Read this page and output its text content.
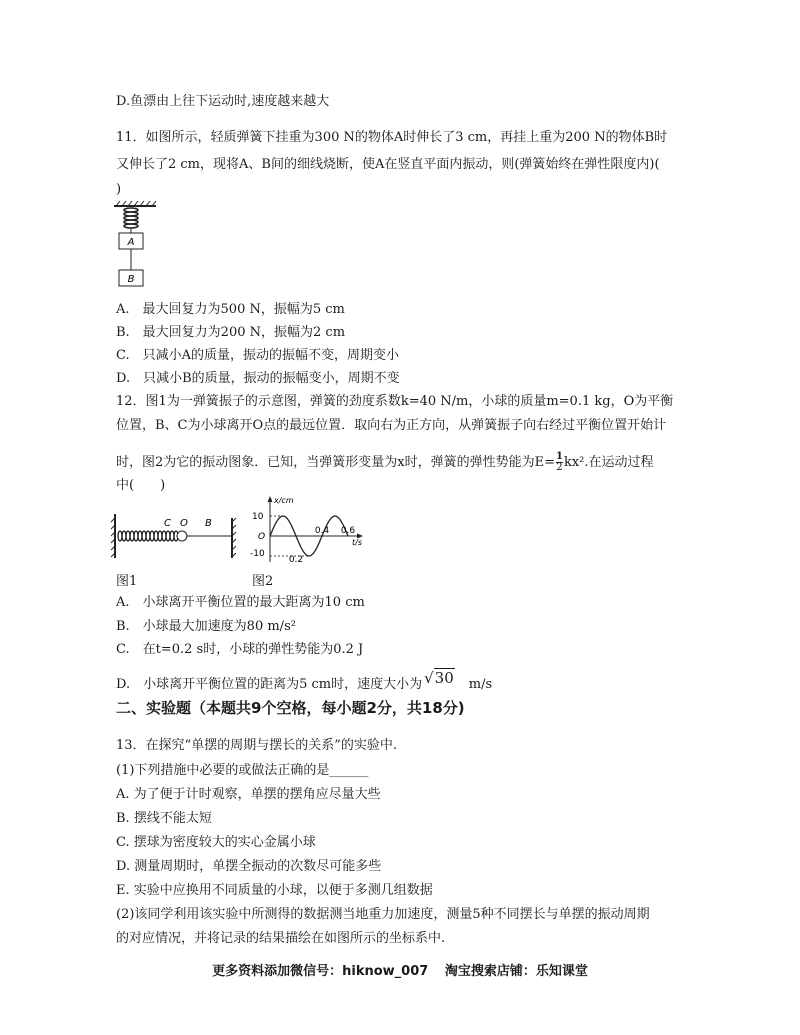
D.鱼漂由上往下运动时,速度越来越大
11．如图所示，轻质弹簧下挂重为300 N的物体A时伸长了3 cm，再挂上重为200 N的物体B时
又伸长了2 cm，现将A、B间的细线烧断，使A在竖直平面内振动，则(弹簧始终在弹性限度内)(
)
A
B
A.　最大回复力为500 N，振幅为5 cm
B.　最大回复力为200 N，振幅为2 cm
C.　只减小A的质量，振动的振幅不变，周期变小
D.　只减小B的质量，振动的振幅变小，周期不变
12．图1为一弹簧振子的示意图，弹簧的劲度系数k=40 N/m，小球的质量m=0.1 kg，O为平衡
位置，B、C为小球离开O点的最远位置．取向右为正方向，从弹簧振子向右经过平衡位置开始计
时，图2为它的振动图象．已知，当弹簧形变量为x时，弹簧的弹性势能为$E= \frac{1}{2} kx^2$.在运动过程
中(　　)
C O B
x/cm
t/s
10
O
-10
0.2
0.4 0.6
图1	图2
A.　小球离开平衡位置的最大距离为10 cm
B.　小球最大加速度为80 m/s²
C.　在t=0.2 s时，小球的弹性势能为0.2 J
D.　小球离开平衡位置的距离为5 cm时，速度大小为 √30 m/s
二、实验题（本题共9个空格，每小题2分，共18分)
13．在探究“单摆的周期与摆长的关系”的实验中.
(1)下列措施中必要的或做法正确的是______
A. 为了便于计时观察，单摆的摆角应尽量大些
B. 摆线不能太短
C. 摆球为密度较大的实心金属小球
D. 测量周期时，单摆全振动的次数尽可能多些
E. 实验中应换用不同质量的小球，以便于多测几组数据
(2)该同学利用该实验中所测得的数据测当地重力加速度，测量5种不同摆长与单摆的振动周期
的对应情况，并将记录的结果描绘在如图所示的坐标系中.
更多资料添加微信号：hiknow_007 淘宝搜索店铺：乐知课堂
